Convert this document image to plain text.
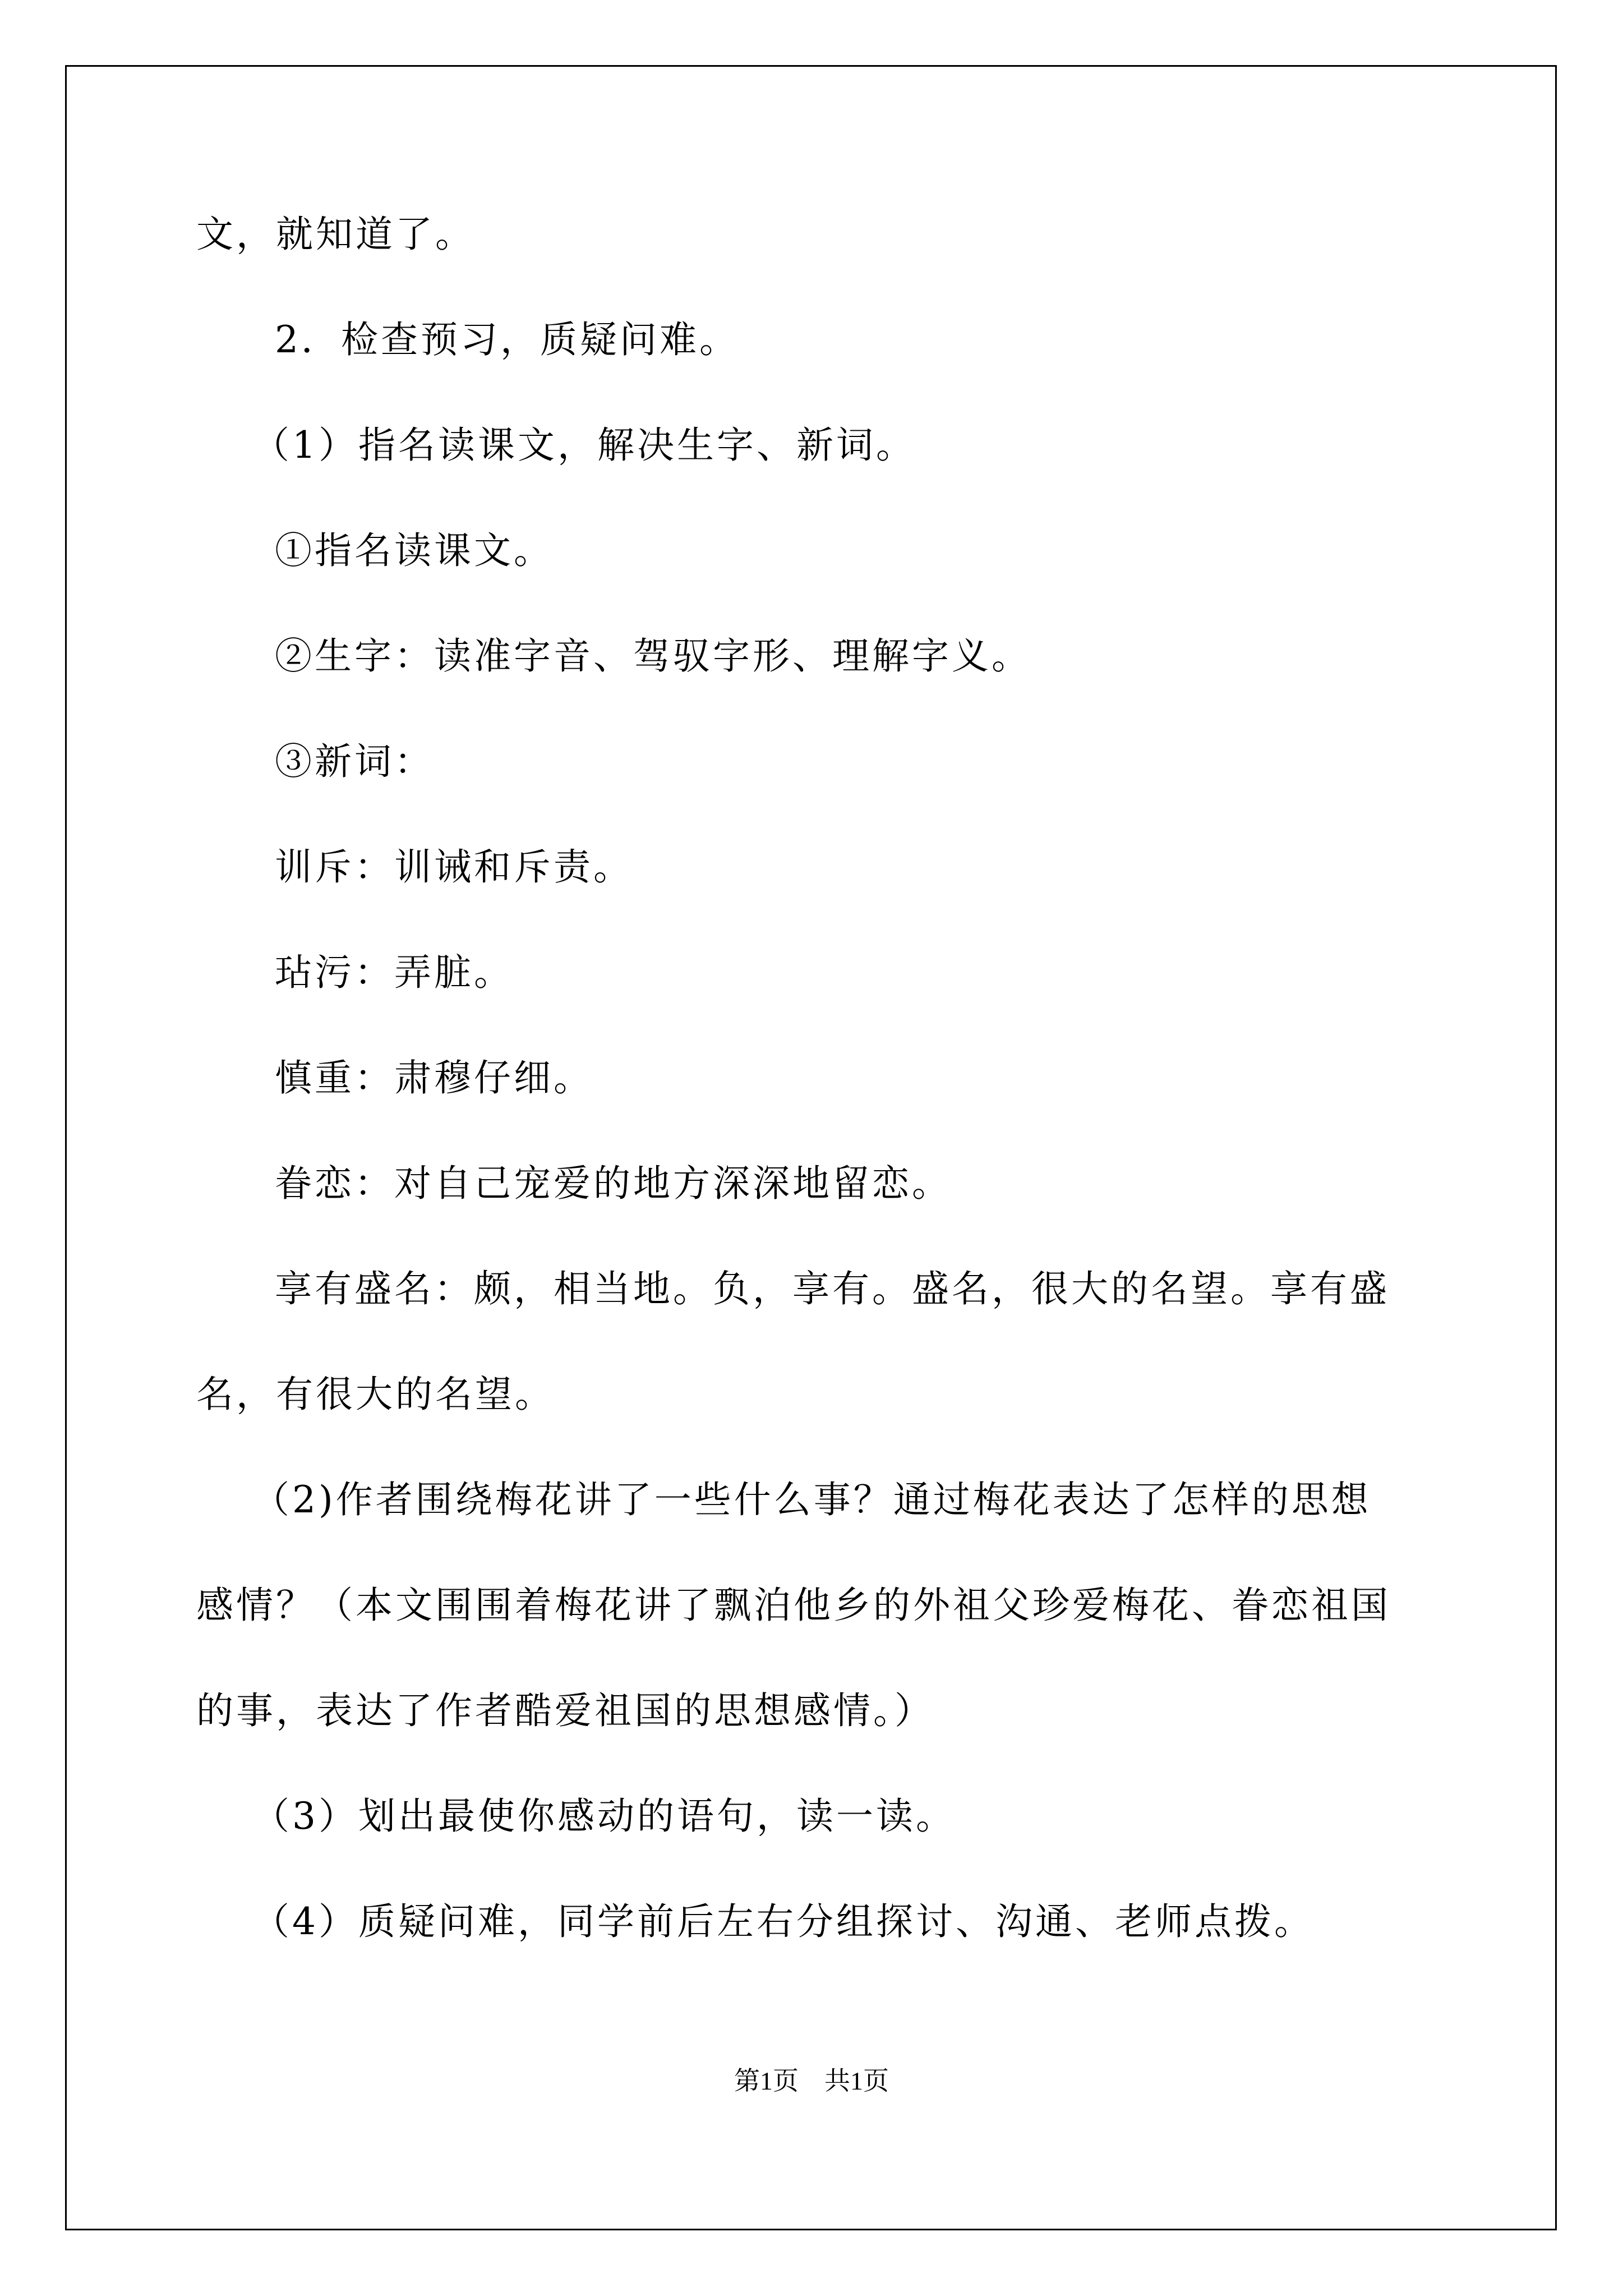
文，就知道了。
2．检查预习，质疑问难。
（1）指名读课文，解决生字、新词。
①指名读课文。
②生字：读准字音、驾驭字形、理解字义。
③新词：
训斥：训诫和斥责。
玷污：弄脏。
慎重：肃穆仔细。
眷恋：对自己宠爱的地方深深地留恋。
享有盛名：颇，相当地。负，享有。盛名，很大的名望。享有盛
名，有很大的名望。
（2)作者围绕梅花讲了一些什么事？通过梅花表达了怎样的思想
感情？（本文围围着梅花讲了飘泊他乡的外祖父珍爱梅花、眷恋祖国
的事，表达了作者酷爱祖国的思想感情。）
（3）划出最使你感动的语句，读一读。
（4）质疑问难，同学前后左右分组探讨、沟通、老师点拨。
第1页　共1页
